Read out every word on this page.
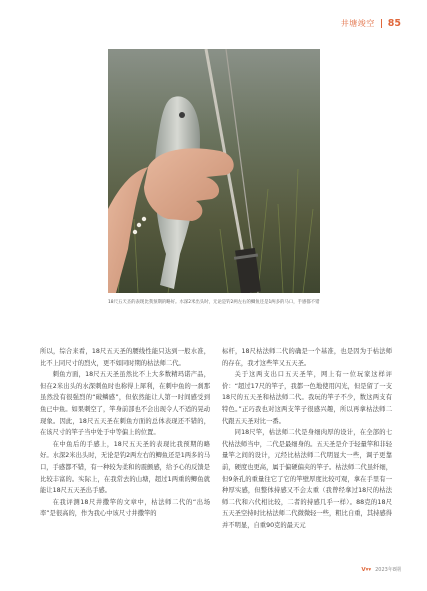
井塘竣空 85
18尺五天圣的表现比我预期的略好。水深2米出头时，无论是钓2两左右的鲫鱼还是1两多的马口，手感都不错

所以，综合来看，18尺五天圣的腰线性能只达到一般水准，比不上同尺寸的烈火，更不如同时期的枯法师二代。

刺鱼方面，18尺五天圣虽然比不上大多数精玛诺产品，但在2米出头的水深刺鱼时也称得上犀利，在刺中鱼的一刹那虽然没有很强烈的“破鳞感”，但依然能让人第一时间感受到鱼已中鱼。如果刺空了，竿身前部也不会出现令人不适的晃动现象。因此，18尺五天圣在刺鱼方面的总体表现还不错的，在该尺寸的竿子当中处于中等偏上的位置。

在中鱼后的手感上，18尺五天圣的表现比我预期的略好。水深2米出头时，无论是钓2两左右的鲫鱼还是1两多的马口，手感都不错，有一种较为柔和的震颤感，给予心的反馈是比较丰富的。实际上，在我常去的山塘，超过1两重的鲫鱼就能让18尺五天圣出手感。

在我评测18尺井撒竿的文章中，枯法师二代的“出场率”是很高的，作为我心中该尺寸井撒竿的

标杆，18尺枯法师二代的确是一个基准，也是因为于枯法师的存在，我才这些竿又五天圣。

关于这两支出口五天圣竿，网上有一位玩家这样评价：“超过17尺的竿子，我都一色地使用闪光，但是留了一支18尺的五天圣和枯法师二代。我玩的竿子不少，数这两支有特色。”正巧我也对这两支竿子很感兴趣，所以再拿枯法师二代跟五天圣对比一番。

同18尺竿，枯法师二代是身细肉厚的设计，在全部的七代枯法师当中，二代是最细身的。五天圣是介于轻量竿和非轻量竿之间的设计，元经比枯法师二代明显大一些，调子更靠前，硬度也更高，属于偏硬偏夹的竿子。枯法师二代虽纤细，但9条孔的重量往它了它的竿壁厚度比较可观，拿在手里有一种厚实感，但整体持感又不会太重（我曾经拿过18尺的枯法师二代和六代相比较，二者的持感几乎一样）。88克的18尺五天圣空持时比枯法师二代微微轻一些，粗比自重，其持感得并不明显，自重90克的最天元

ᐯ▾▾ 2023年8期
